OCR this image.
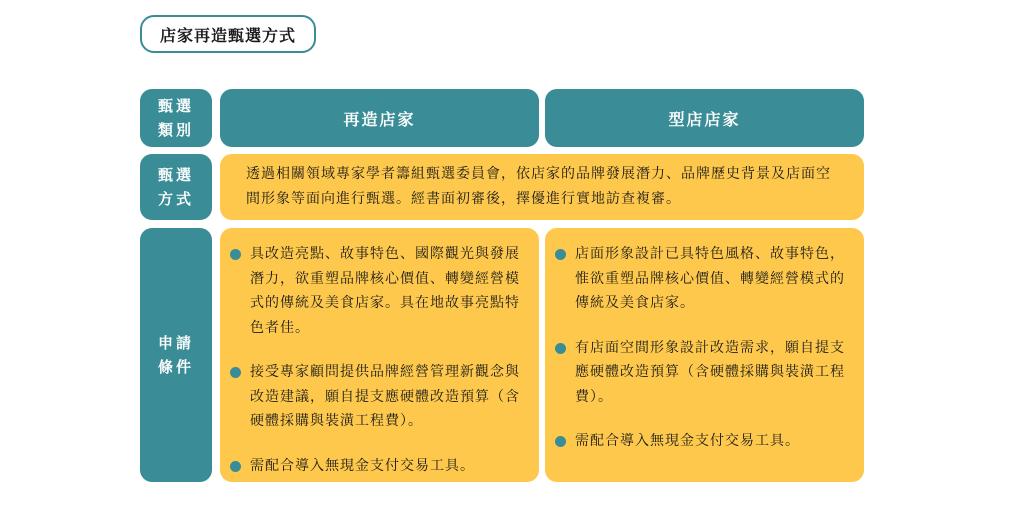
店家再造甄選方式
甄選
類別
再造店家	型店店家
甄選
方式
透過相關領域專家學者籌組甄選委員會，依店家的品牌發展潛力、品牌歷史背景及店面空間形象等面向進行甄選。經書面初審後，擇優進行實地訪查複審。
申請
條件
具改造亮點、故事特色、國際觀光與發展潛力，欲重塑品牌核心價值、轉變經營模式的傳統及美食店家。具在地故事亮點特色者佳。
接受專家顧問提供品牌經營管理新觀念與改造建議，願自提支應硬體改造預算（含硬體採購與裝潢工程費）。
需配合導入無現金支付交易工具。
店面形象設計已具特色風格、故事特色，惟欲重塑品牌核心價值、轉變經營模式的傳統及美食店家。
有店面空間形象設計改造需求，願自提支應硬體改造預算（含硬體採購與裝潢工程費）。
需配合導入無現金支付交易工具。
